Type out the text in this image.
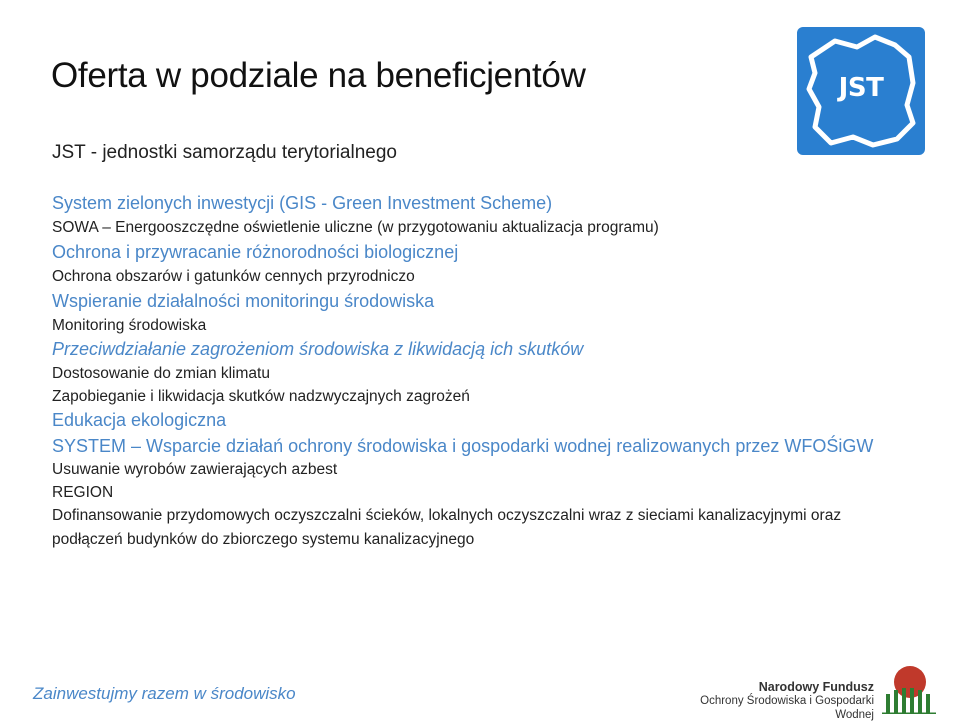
Oferta w podziale na beneficjentów
JST - jednostki samorządu terytorialnego
JST
System zielonych inwestycji (GIS - Green Investment Scheme)
SOWA – Energooszczędne oświetlenie uliczne (w przygotowaniu aktualizacja programu)
Ochrona i przywracanie różnorodności biologicznej
Ochrona obszarów i gatunków cennych przyrodniczo
Wspieranie działalności monitoringu środowiska
Monitoring środowiska
Przeciwdziałanie zagrożeniom środowiska z likwidacją ich skutków
Dostosowanie do zmian klimatu
Zapobieganie i likwidacja skutków nadzwyczajnych zagrożeń
Edukacja ekologiczna
SYSTEM – Wsparcie działań ochrony środowiska i gospodarki wodnej realizowanych przez WFOŚiGW
Usuwanie wyrobów zawierających azbest
REGION
Dofinansowanie przydomowych oczyszczalni ścieków, lokalnych oczyszczalni wraz z sieciami kanalizacyjnymi oraz
podłączeń budynków do zbiorczego systemu kanalizacyjnego
Zainwestujmy razem w środowisko	Narodowy Fundusz
Ochrony Środowiska i Gospodarki Wodnej
